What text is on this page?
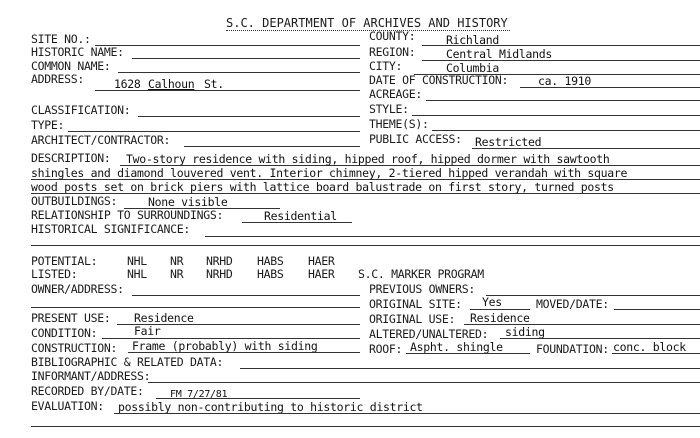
S.C. DEPARTMENT OF ARCHIVES AND HISTORY
SITE NO.:
HISTORIC NAME:
COMMON NAME:
ADDRESS:	1628 Calhoun St.
COUNTY:	Richland
REGION:	Central Midlands
CITY:	Columbia
DATE OF CONSTRUCTION:	ca. 1910
ACREAGE:
CLASSIFICATION:
TYPE:
ARCHITECT/CONTRACTOR:
STYLE:
THEME(S):
PUBLIC ACCESS: Restricted
DESCRIPTION: Two-story residence with siding, hipped roof, hipped dormer with sawtooth
shingles and diamond louvered vent. Interior chimney, 2-tiered hipped verandah with square
wood posts set on brick piers with lattice board balustrade on first story, turned posts
OUTBUILDINGS:	None visible
RELATIONSHIP TO SURROUNDINGS:	Residential
HISTORICAL SIGNIFICANCE:
POTENTIAL:	NHL NR NRHD HABS HAER
LISTED:	NHL NR NRHD HABS HAER
OWNER/ADDRESS:
S.C. MARKER PROGRAM
PREVIOUS OWNERS:
ORIGINAL SITE: Yes	MOVED/DATE:
PRESENT USE: Residence	ORIGINAL USE: Residence
CONDITION:	Fair	ALTERED/UNALTERED: siding
CONSTRUCTION: Frame (probably) with siding	ROOF: Aspht. shingle	FOUNDATION: conc. block
BIBLIOGRAPHIC & RELATED DATA:
INFORMANT/ADDRESS:
RECORDED BY/DATE:	FM 7/27/81
EVALUATION: possibly non-contributing to historic district
